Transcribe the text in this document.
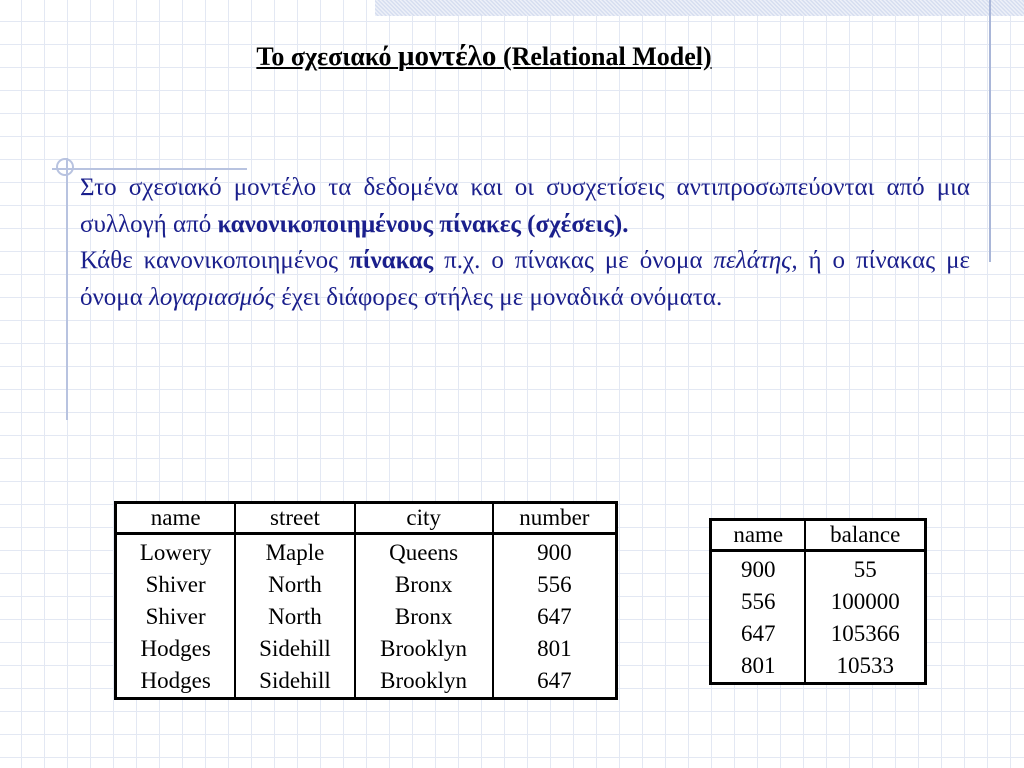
Το σχεσιακό μοντέλο (Relational Model)

Στο σχεσιακό μοντέλο τα δεδομένα και οι συσχετίσεις αντιπροσωπεύονται από μια συλλογή από κανονικοποιημένους πίνακες (σχέσεις).

Κάθε κανονικοποιημένος πίνακας π.χ. ο πίνακας με όνομα πελάτης, ή ο πίνακας με όνομα λογαριασμός έχει διάφορες στήλες με μοναδικά ονόματα.

name	street	city	number
Lowery	Maple	Queens	900
Shiver	North	Bronx	556
Shiver	North	Bronx	647
Hodges	Sidehill	Brooklyn	801
Hodges	Sidehill	Brooklyn	647
name	balance
900	55
556	100000
647	105366
801	10533
